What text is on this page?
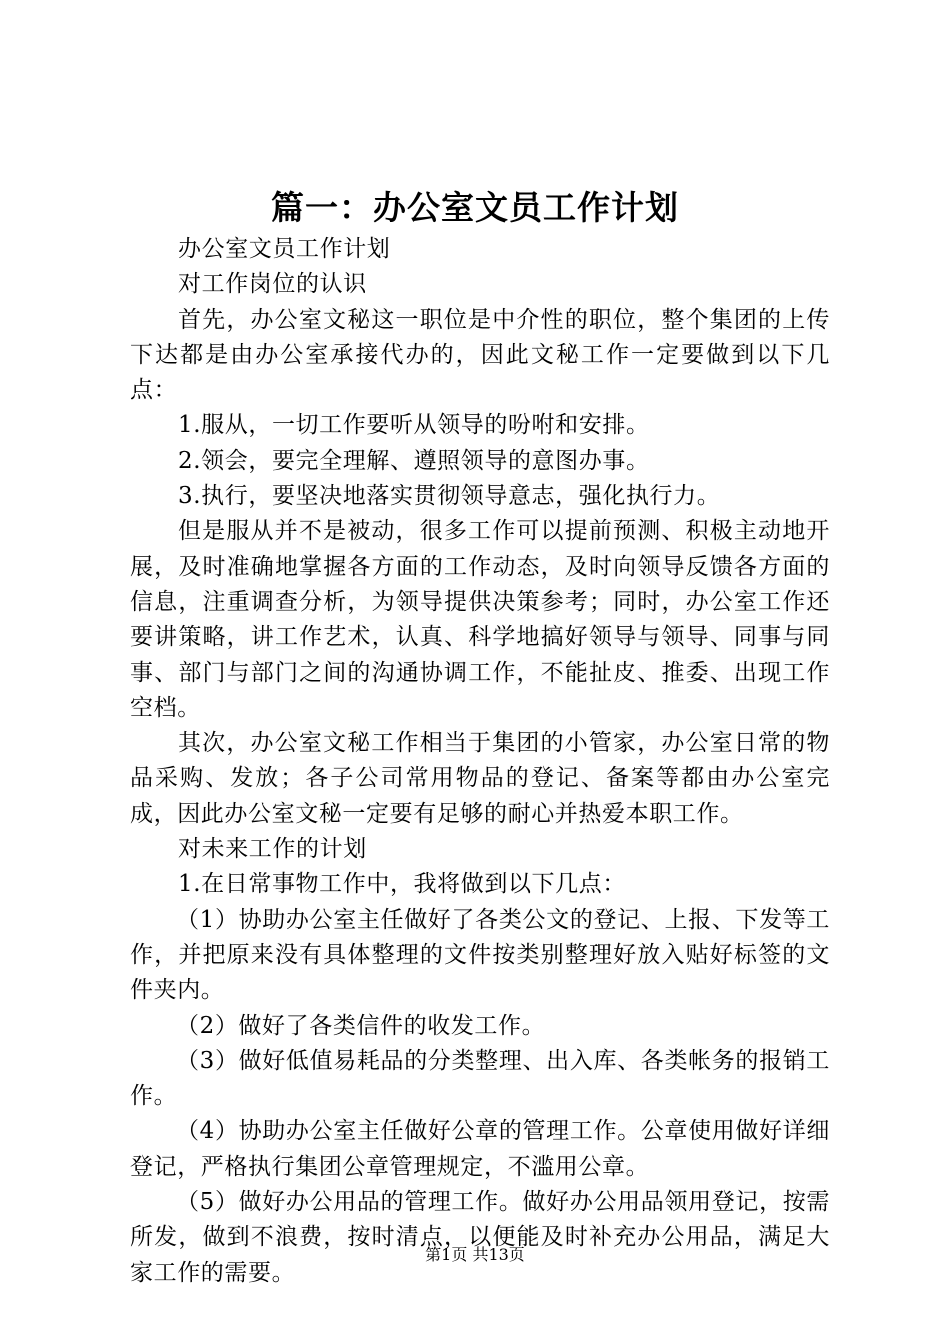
篇一：办公室文员工作计划

办公室文员工作计划

对工作岗位的认识

首先，办公室文秘这一职位是中介性的职位，整个集团的上传下达都是由办公室承接代办的，因此文秘工作一定要做到以下几点：

1.服从，一切工作要听从领导的吩咐和安排。

2.领会，要完全理解、遵照领导的意图办事。

3.执行，要坚决地落实贯彻领导意志，强化执行力。

但是服从并不是被动，很多工作可以提前预测、积极主动地开展，及时准确地掌握各方面的工作动态，及时向领导反馈各方面的信息，注重调查分析，为领导提供决策参考；同时，办公室工作还要讲策略，讲工作艺术，认真、科学地搞好领导与领导、同事与同事、部门与部门之间的沟通协调工作，不能扯皮、推委、出现工作空档。

其次，办公室文秘工作相当于集团的小管家，办公室日常的物品采购、发放；各子公司常用物品的登记、备案等都由办公室完成，因此办公室文秘一定要有足够的耐心并热爱本职工作。

对未来工作的计划

1.在日常事物工作中，我将做到以下几点：

（1）协助办公室主任做好了各类公文的登记、上报、下发等工作，并把原来没有具体整理的文件按类别整理好放入贴好标签的文件夹内。

（2）做好了各类信件的收发工作。

（3）做好低值易耗品的分类整理、出入库、各类帐务的报销工作。

（4）协助办公室主任做好公章的管理工作。公章使用做好详细登记，严格执行集团公章管理规定，不滥用公章。

（5）做好办公用品的管理工作。做好办公用品领用登记，按需所发，做到不浪费，按时清点，以便能及时补充办公用品，满足大家工作的需要。

第1页 共13页
